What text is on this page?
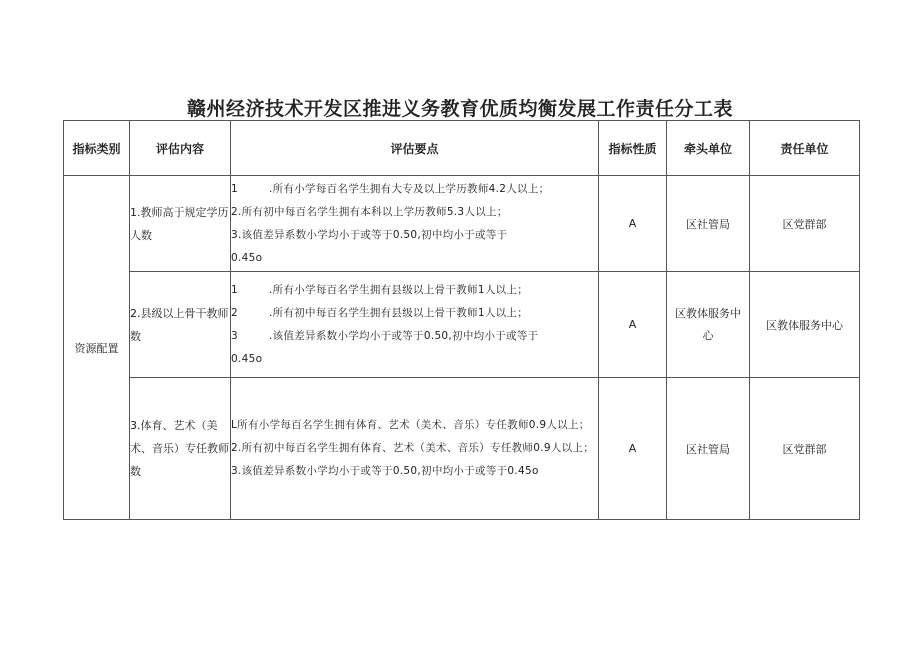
赣州经济技术开发区推进义务教育优质均衡发展工作责任分工表
指标类别	评估内容	评估要点	指标性质	牵头单位	责任单位
资源配置	1.教师高于规定学历人数	1 .所有小学每百名学生拥有大专及以上学历教师4.2人以上；
2.所有初中每百名学生拥有本科以上学历教师5.3人以上；
3.该值差异系数小学均小于或等于0.50,初中均小于或等于
0.45o	A	区社管局	区党群部
	2.县级以上骨干教师数	1 .所有小学每百名学生拥有县级以上骨干教师1人以上；
2 .所有初中每百名学生拥有县级以上骨干教师1人以上；
3 .该值差异系数小学均小于或等于0.50,初中均小于或等于
0.45o	A	区教体服务中心	区教体服务中心
	3.体育、艺术（美术、音乐）专任教师数	L所有小学每百名学生拥有体育、艺术（美术、音乐）专任教师0.9人以上；
2.所有初中每百名学生拥有体育、艺术（美术、音乐）专任教师0.9人以上；
3.该值差异系数小学均小于或等于0.50,初中均小于或等于0.45o	A	区社管局	区党群部
